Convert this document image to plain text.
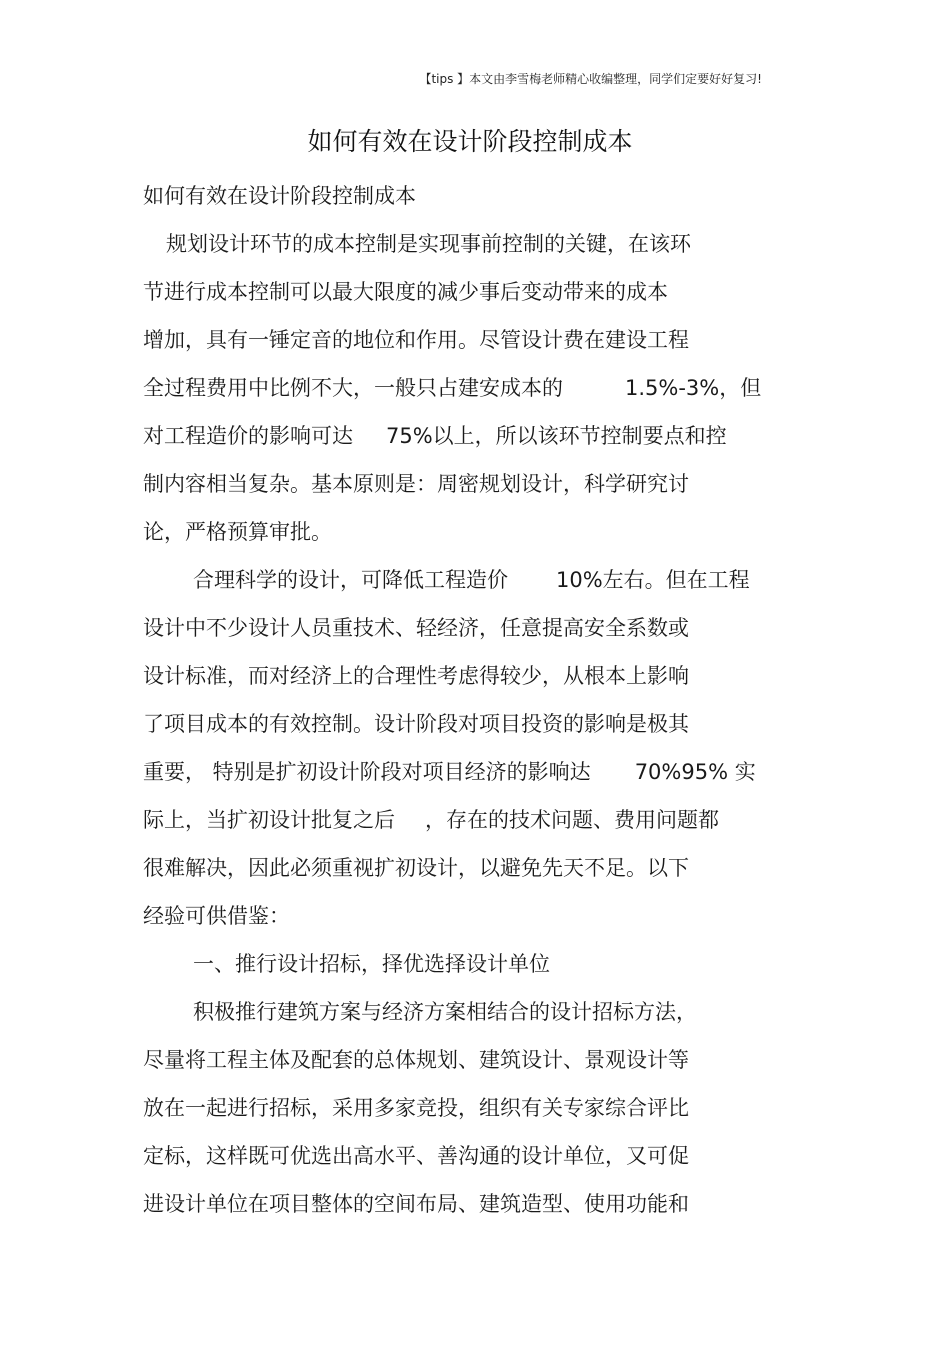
【tips 】本文由李雪梅老师精心收编整理，同学们定要好好复习!
如何有效在设计阶段控制成本
如何有效在设计阶段控制成本
规划设计环节的成本控制是实现事前控制的关键，在该环
节进行成本控制可以最大限度的减少事后变动带来的成本
增加，具有一锤定音的地位和作用。尽管设计费在建设工程
全过程费用中比例不大，一般只占建安成本的	1.5%-3%，但
对工程造价的影响可达 75%以上，所以该环节控制要点和控
制内容相当复杂。基本原则是：周密规划设计，科学研究讨
论，严格预算审批。
合理科学的设计，可降低工程造价 10%左右。但在工程
设计中不少设计人员重技术、轻经济，任意提高安全系数或
设计标准，而对经济上的合理性考虑得较少，从根本上影响
了项目成本的有效控制。设计阶段对项目投资的影响是极其
重要， 特别是扩初设计阶段对项目经济的影响达 70%95% 实
际上，当扩初设计批复之后 ，存在的技术问题、费用问题都
很难解决，因此必须重视扩初设计，以避免先天不足。以下
经验可供借鉴：
一、推行设计招标，择优选择设计单位
积极推行建筑方案与经济方案相结合的设计招标方法，
尽量将工程主体及配套的总体规划、建筑设计、景观设计等
放在一起进行招标，采用多家竞投，组织有关专家综合评比
定标，这样既可优选出高水平、善沟通的设计单位，又可促
进设计单位在项目整体的空间布局、建筑造型、使用功能和
